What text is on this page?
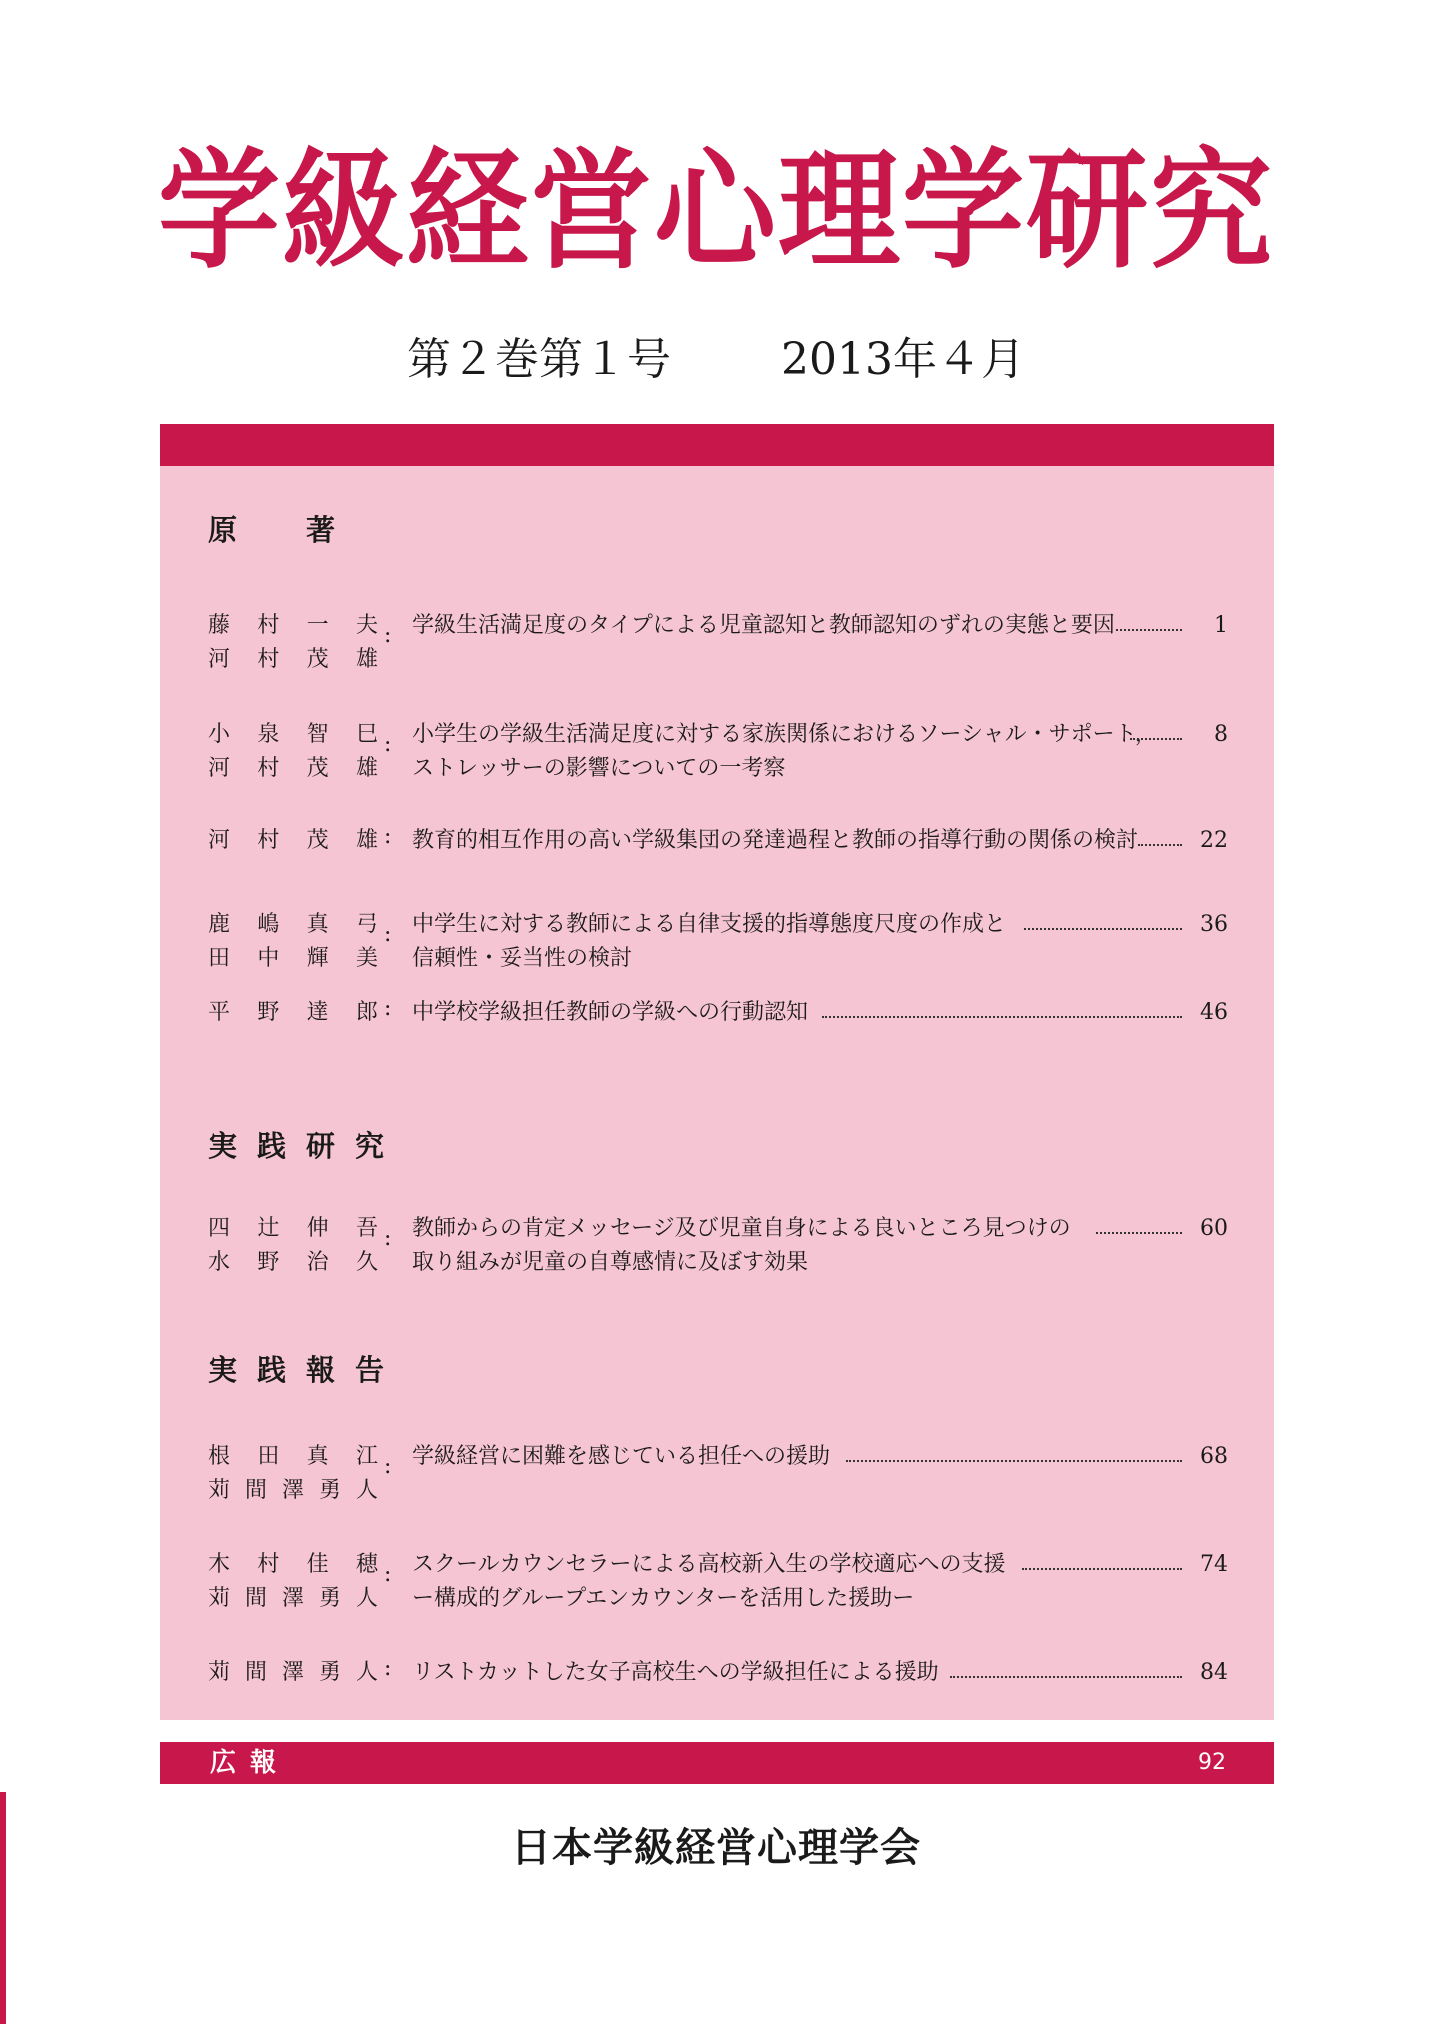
学級経営心理学研究
第２巻第１号	2013年４月
原　著
藤村一夫
河村茂雄
: 学級生活満足度のタイプによる児童認知と教師認知のずれの実態と要因	1
小泉智巳
河村茂雄
: 小学生の学級生活満足度に対する家族関係におけるソーシャル・サポート，	8
ストレッサーの影響についての一考察
河村茂雄 : 教育的相互作用の高い学級集団の発達過程と教師の指導行動の関係の検討	22
鹿嶋真弓
田中輝美
: 中学生に対する教師による自律支援的指導態度尺度の作成と	36
信頼性・妥当性の検討
平野達郎 : 中学校学級担任教師の学級への行動認知	46
実践研究
四辻伸吾
水野治久
: 教師からの肯定メッセージ及び児童自身による良いところ見つけの	60
取り組みが児童の自尊感情に及ぼす効果
実践報告
根田真江
苅間澤勇人
: 学級経営に困難を感じている担任への援助	68
木村佳穂
苅間澤勇人
: スクールカウンセラーによる高校新入生の学校適応への支援	74
ー構成的グループエンカウンターを活用した援助ー
苅間澤勇人 : リストカットした女子高校生への学級担任による援助	84
広報	92
日本学級経営心理学会
